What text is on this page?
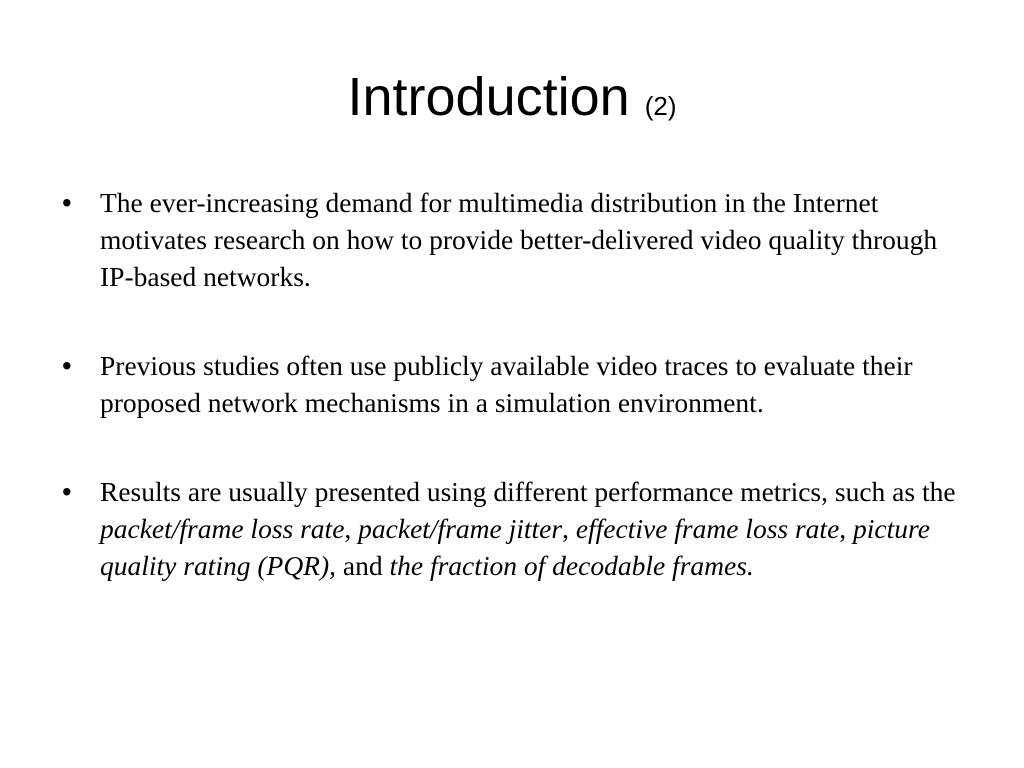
Introduction (2)
• The ever-increasing demand for multimedia distribution in the Internet motivates research on how to provide better-delivered video quality through IP-based networks.
• Previous studies often use publicly available video traces to evaluate their proposed network mechanisms in a simulation environment.
• Results are usually presented using different performance metrics, such as the packet/frame loss rate, packet/frame jitter, effective frame loss rate, picture quality rating (PQR), and the fraction of decodable frames.
